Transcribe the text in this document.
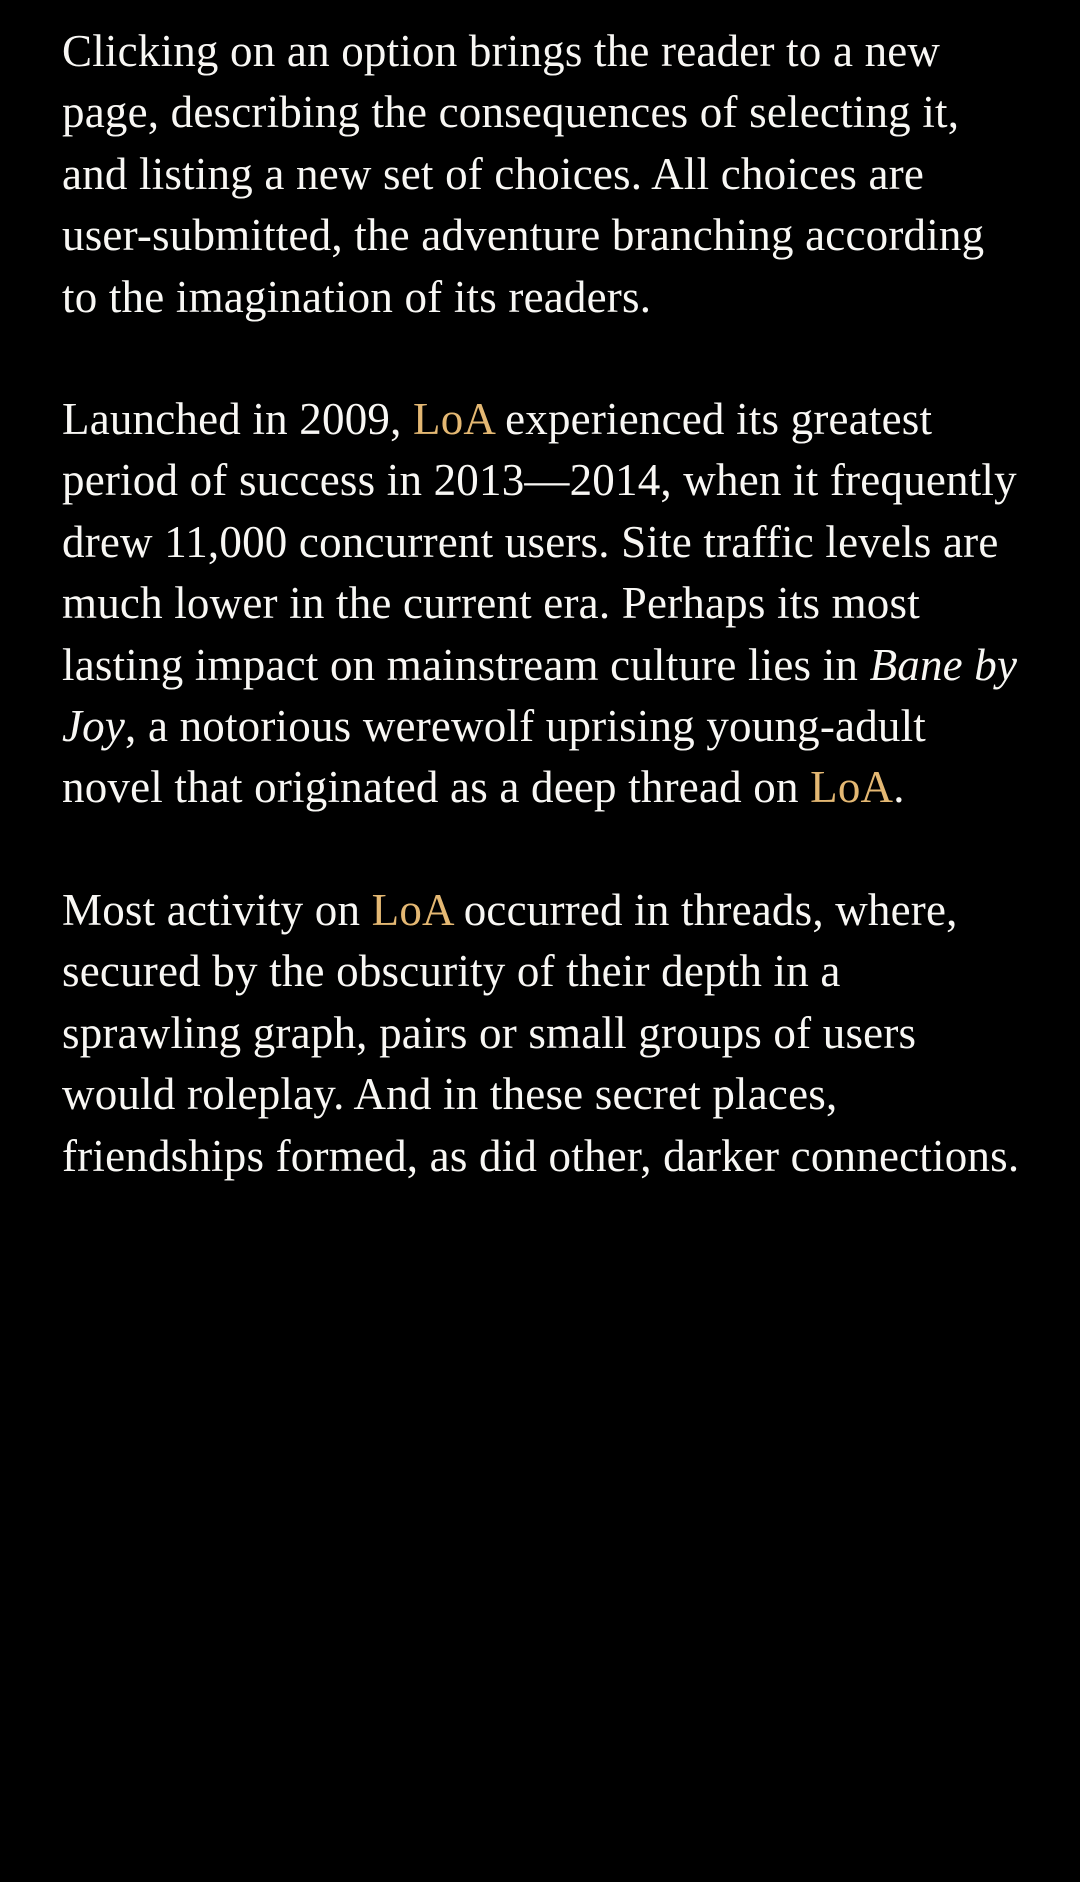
Clicking on an option brings the reader to a new page, describing the consequences of selecting it, and listing a new set of choices. All choices are user-submitted, the adventure branching according to the imagination of its readers.

Launched in 2009, LoA experienced its greatest period of success in 2013—2014, when it frequently drew 11,000 concurrent users. Site traffic levels are much lower in the current era. Perhaps its most lasting impact on mainstream culture lies in Bane by Joy, a notorious werewolf uprising young-adult novel that originated as a deep thread on LoA.

Most activity on LoA occurred in threads, where, secured by the obscurity of their depth in a sprawling graph, pairs or small groups of users would roleplay. And in these secret places, friendships formed, as did other, darker connections.
